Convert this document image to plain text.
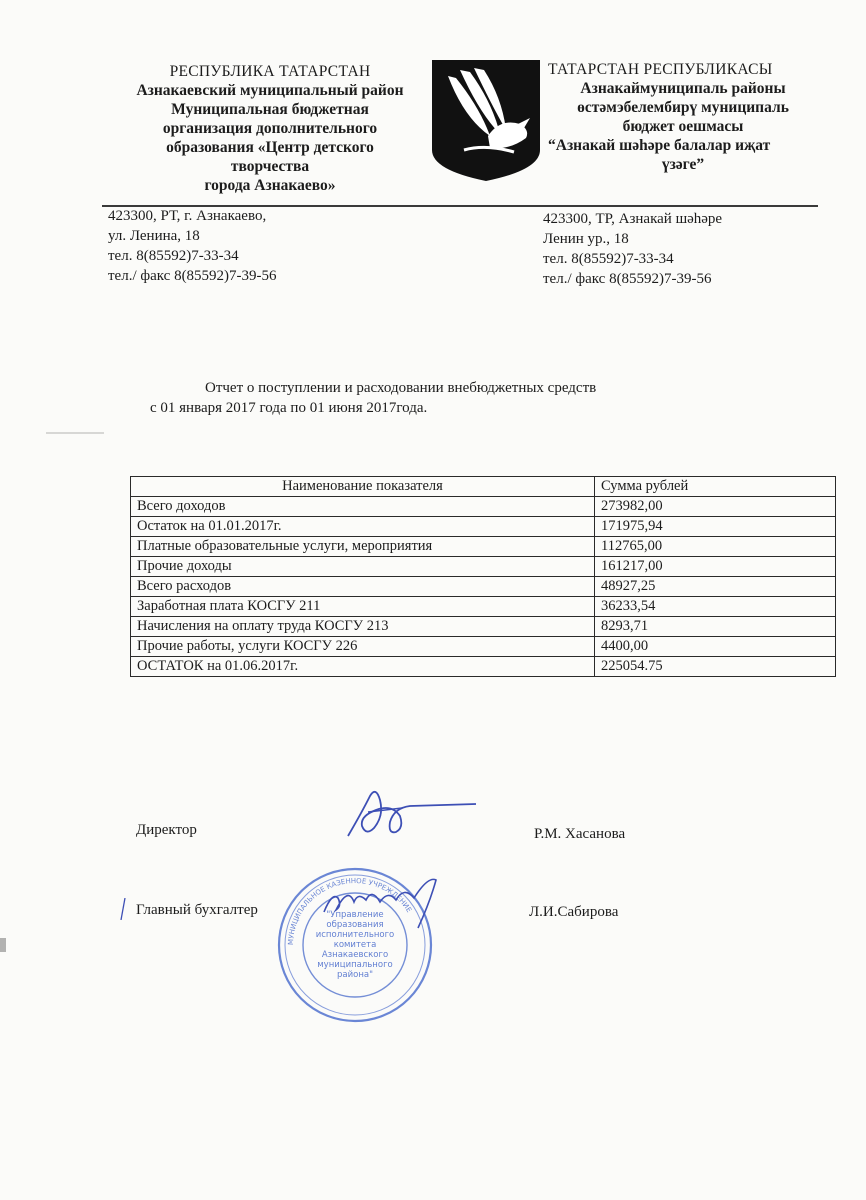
РЕСПУБЛИКА ТАТАРСТАН
Азнакаевский муниципальный район
Муниципальная бюджетная
организация дополнительного
образования «Центр детского
творчества
города Азнакаево»
ТАТАРСТАН РЕСПУБЛИКАСЫ
Азнакаймуниципаль районы
өстәмэбелембирү муниципаль
бюджет оешмасы
“Азнакай шәһәре балалар иҗат
үзәге”
423300, РТ, г. Азнакаево,
ул. Ленина, 18
тел. 8(85592)7-33-34
тел./ факс 8(85592)7-39-56
423300, ТР, Азнакай шәһәре
Ленин ур., 18
тел. 8(85592)7-33-34
тел./ факс 8(85592)7-39-56
Отчет о поступлении и расходовании внебюджетных средств
с 01 января 2017 года по 01 июня 2017года.
Наименование показателя	Сумма рублей
Всего доходов	273982,00
Остаток на 01.01.2017г.	171975,94
Платные образовательные услуги, мероприятия	112765,00
Прочие доходы	161217,00
Всего расходов	48927,25
Заработная плата КОСГУ 211	36233,54
Начисления на оплату труда КОСГУ 213	8293,71
Прочие работы, услуги КОСГУ 226	4400,00
ОСТАТОК на 01.06.2017г.	225054.75
Директор	Р.М. Хасанова
Главный бухгалтер	Л.И.Сабирова
МУНИЦИПАЛЬНОЕ КАЗЕННОЕ УЧРЕЖДЕНИЕ
"Управление
образования
исполнительного
комитета
Азнакаевского
муниципального
района"
